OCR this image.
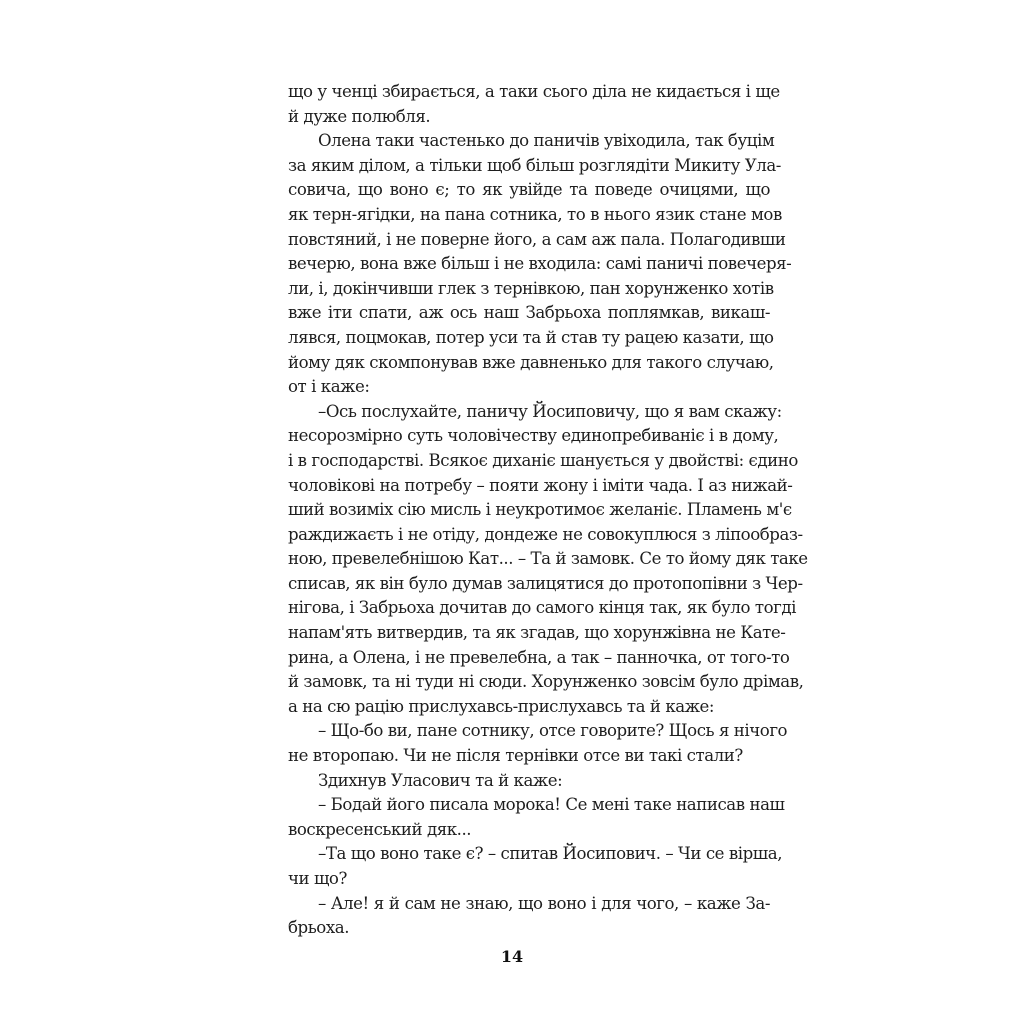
що у ченці збирається, а таки сього діла не кидається і ще
й дуже полюбля.
Олена таки частенько до паничів увіходила, так буцім
за яким ділом, а тільки щоб більш розглядіти Микиту Ула-
совича, що воно є; то як увійде та поведе очицями, що
як терн-ягідки, на пана сотника, то в нього язик стане мов
повстяний, і не поверне його, а сам аж пала. Полагодивши
вечерю, вона вже більш і не входила: самі паничі повечеря-
ли, і, докінчивши глек з тернівкою, пан хорунженко хотів
вже іти спати, аж ось наш Забрьоха поплямкав, викаш-
лявся, поцмокав, потер уси та й став ту рацею казати, що
йому дяк скомпонував вже давненько для такого случаю,
от і каже:
–Ось послухайте, паничу Йосиповичу, що я вам скажу:
несорозмірно суть чоловічеству единопребиваніє і в дому,
і в господарстві. Всякоє диханіє шанується у двойстві: єдино
чоловікові на потребу – пояти жону і іміти чада. І аз нижай-
ший возиміх сію мисль і неукротимоє желаніє. Пламень м'є
раждижаєть і не отіду, дондеже не совокуплюся з ліпообраз-
ною, превелебнішою Кат... – Та й замовк. Се то йому дяк таке
списав, як він було думав залицятися до протопопівни з Чер-
нігова, і Забрьоха дочитав до самого кінця так, як було тогді
напам'ять витвердив, та як згадав, що хорунжівна не Кате-
рина, а Олена, і не превелебна, а так – панночка, от того-то
й замовк, та ні туди ні сюди. Хорунженко зовсім було дрімав,
а на сю рацію прислухавсь-прислухавсь та й каже:
– Що-бо ви, пане сотнику, отсе говорите? Щось я нічого
не второпаю. Чи не після тернівки отсе ви такі стали?
Здихнув Уласович та й каже:
– Бодай його писала морока! Се мені таке написав наш
воскресенський дяк...
–Та що воно таке є? – спитав Йосипович. – Чи се вірша,
чи що?
– Але! я й сам не знаю, що воно і для чого, – каже За-
брьоха.
14
